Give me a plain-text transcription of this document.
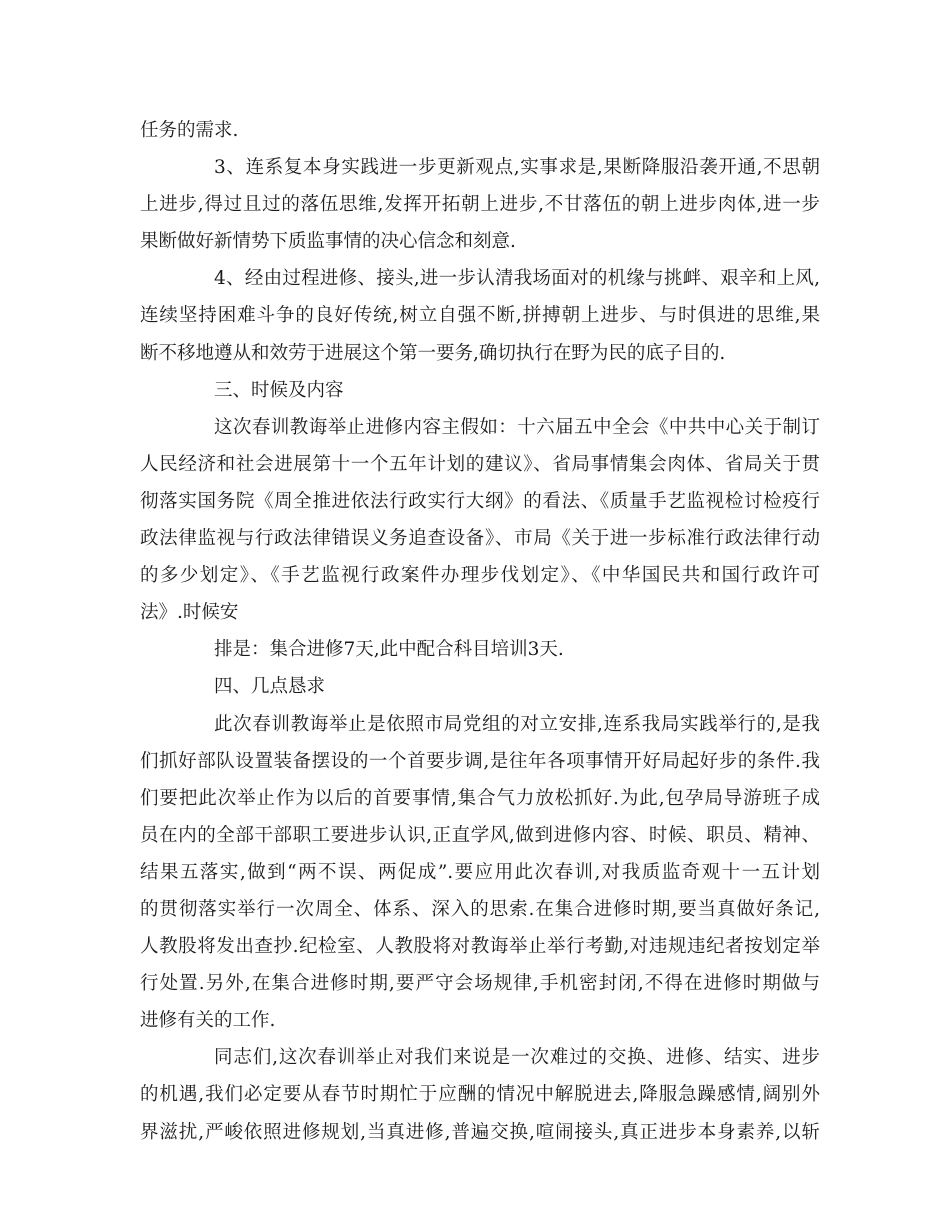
任务的需求.
3、连系复本身实践进一步更新观点,实事求是,果断降服沿袭开通,不思朝
上进步,得过且过的落伍思维,发挥开拓朝上进步,不甘落伍的朝上进步肉体,进一步
果断做好新情势下质监事情的决心信念和刻意.
4、经由过程进修、接头,进一步认清我场面对的机缘与挑衅、艰辛和上风,
连续坚持困难斗争的良好传统,树立自强不断,拼搏朝上进步、与时俱进的思维,果
断不移地遵从和效劳于进展这个第一要务,确切执行在野为民的底子目的.
三、时候及内容
这次春训教诲举止进修内容主假如：十六届五中全会《中共中心关于制订
人民经济和社会进展第十一个五年计划的建议》、省局事情集会肉体、省局关于贯
彻落实国务院《周全推进依法行政实行大纲》的看法、《质量手艺监视检讨检疫行
政法律监视与行政法律错误义务追查设备》、市局《关于进一步标准行政法律行动
的多少划定》、《手艺监视行政案件办理步伐划定》、《中华国民共和国行政许可
法》.时候安
排是：集合进修7天,此中配合科目培训3天.
四、几点恳求
此次春训教诲举止是依照市局党组的对立安排,连系我局实践举行的,是我
们抓好部队设置装备摆设的一个首要步调,是往年各项事情开好局起好步的条件.我
们要把此次举止作为以后的首要事情,集合气力放松抓好.为此,包孕局导游班子成
员在内的全部干部职工要进步认识,正直学风,做到进修内容、时候、职员、精神、
结果五落实,做到“两不误、两促成”.要应用此次春训,对我质监奇观十一五计划
的贯彻落实举行一次周全、体系、深入的思索.在集合进修时期,要当真做好条记,
人教股将发出查抄.纪检室、人教股将对教诲举止举行考勤,对违规违纪者按划定举
行处置.另外,在集合进修时期,要严守会场规律,手机密封闭,不得在进修时期做与
进修有关的工作.
同志们,这次春训举止对我们来说是一次难过的交换、进修、结实、进步
的机遇,我们必定要从春节时期忙于应酬的情况中解脱进去,降服急躁感情,阔别外
界滋扰,严峻依照进修规划,当真进修,普遍交换,喧闹接头,真正进步本身素养,以斩
